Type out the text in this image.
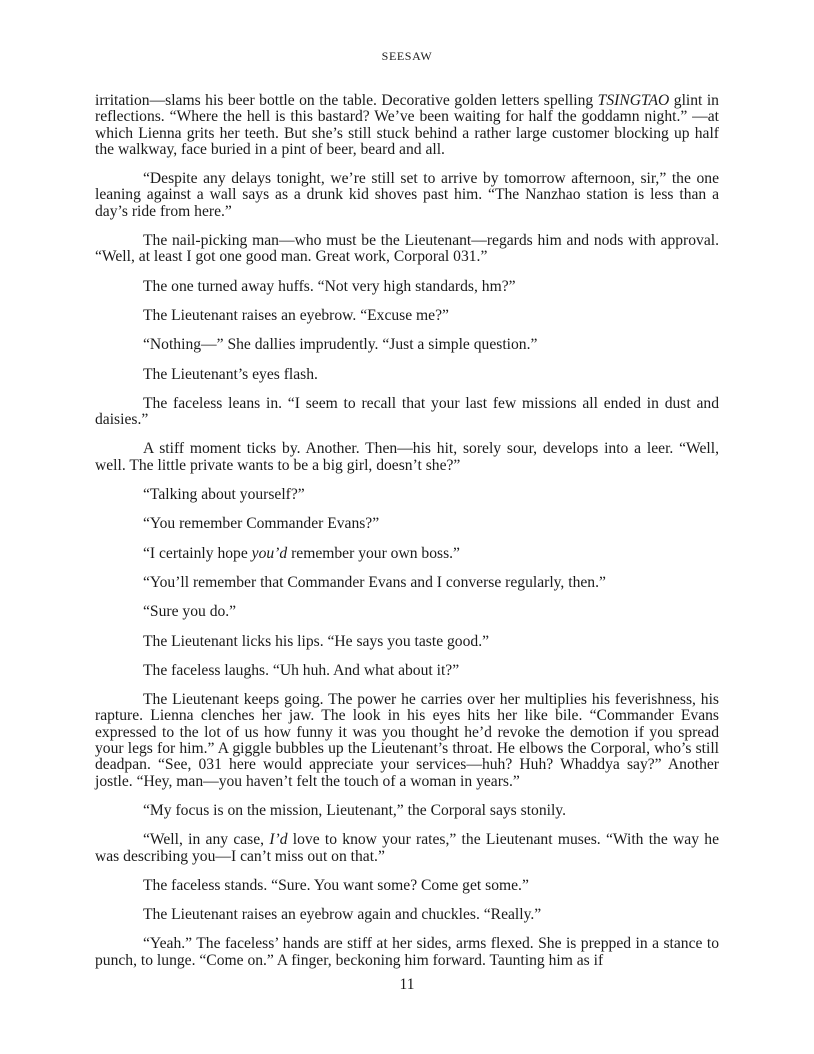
SEESAW

irritation—slams his beer bottle on the table. Decorative golden letters spelling TSINGTAO glint in reflections. “Where the hell is this bastard? We’ve been waiting for half the goddamn night.” —at which Lienna grits her teeth. But she’s still stuck behind a rather large customer blocking up half the walkway, face buried in a pint of beer, beard and all.

“Despite any delays tonight, we’re still set to arrive by tomorrow afternoon, sir,” the one leaning against a wall says as a drunk kid shoves past him. “The Nanzhao station is less than a day’s ride from here.”

The nail-picking man—who must be the Lieutenant—regards him and nods with approval. “Well, at least I got one good man. Great work, Corporal 031.”

The one turned away huffs. “Not very high standards, hm?”

The Lieutenant raises an eyebrow. “Excuse me?”

“Nothing—” She dallies imprudently. “Just a simple question.”

The Lieutenant’s eyes flash.

The faceless leans in. “I seem to recall that your last few missions all ended in dust and daisies.”

A stiff moment ticks by. Another. Then—his hit, sorely sour, develops into a leer. “Well, well. The little private wants to be a big girl, doesn’t she?”

“Talking about yourself?”

“You remember Commander Evans?”

“I certainly hope you’d remember your own boss.”

“You’ll remember that Commander Evans and I converse regularly, then.”

“Sure you do.”

The Lieutenant licks his lips. “He says you taste good.”

The faceless laughs. “Uh huh. And what about it?”

The Lieutenant keeps going. The power he carries over her multiplies his feverishness, his rapture. Lienna clenches her jaw. The look in his eyes hits her like bile. “Commander Evans expressed to the lot of us how funny it was you thought he’d revoke the demotion if you spread your legs for him.” A giggle bubbles up the Lieutenant’s throat. He elbows the Corporal, who’s still deadpan. “See, 031 here would appreciate your services—huh? Huh? Whaddya say?” Another jostle. “Hey, man—you haven’t felt the touch of a woman in years.”

“My focus is on the mission, Lieutenant,” the Corporal says stonily.

“Well, in any case, I’d love to know your rates,” the Lieutenant muses. “With the way he was describing you—I can’t miss out on that.”

The faceless stands. “Sure. You want some? Come get some.”

The Lieutenant raises an eyebrow again and chuckles. “Really.”

“Yeah.” The faceless’ hands are stiff at her sides, arms flexed. She is prepped in a stance to punch, to lunge. “Come on.” A finger, beckoning him forward. Taunting him as if

11
